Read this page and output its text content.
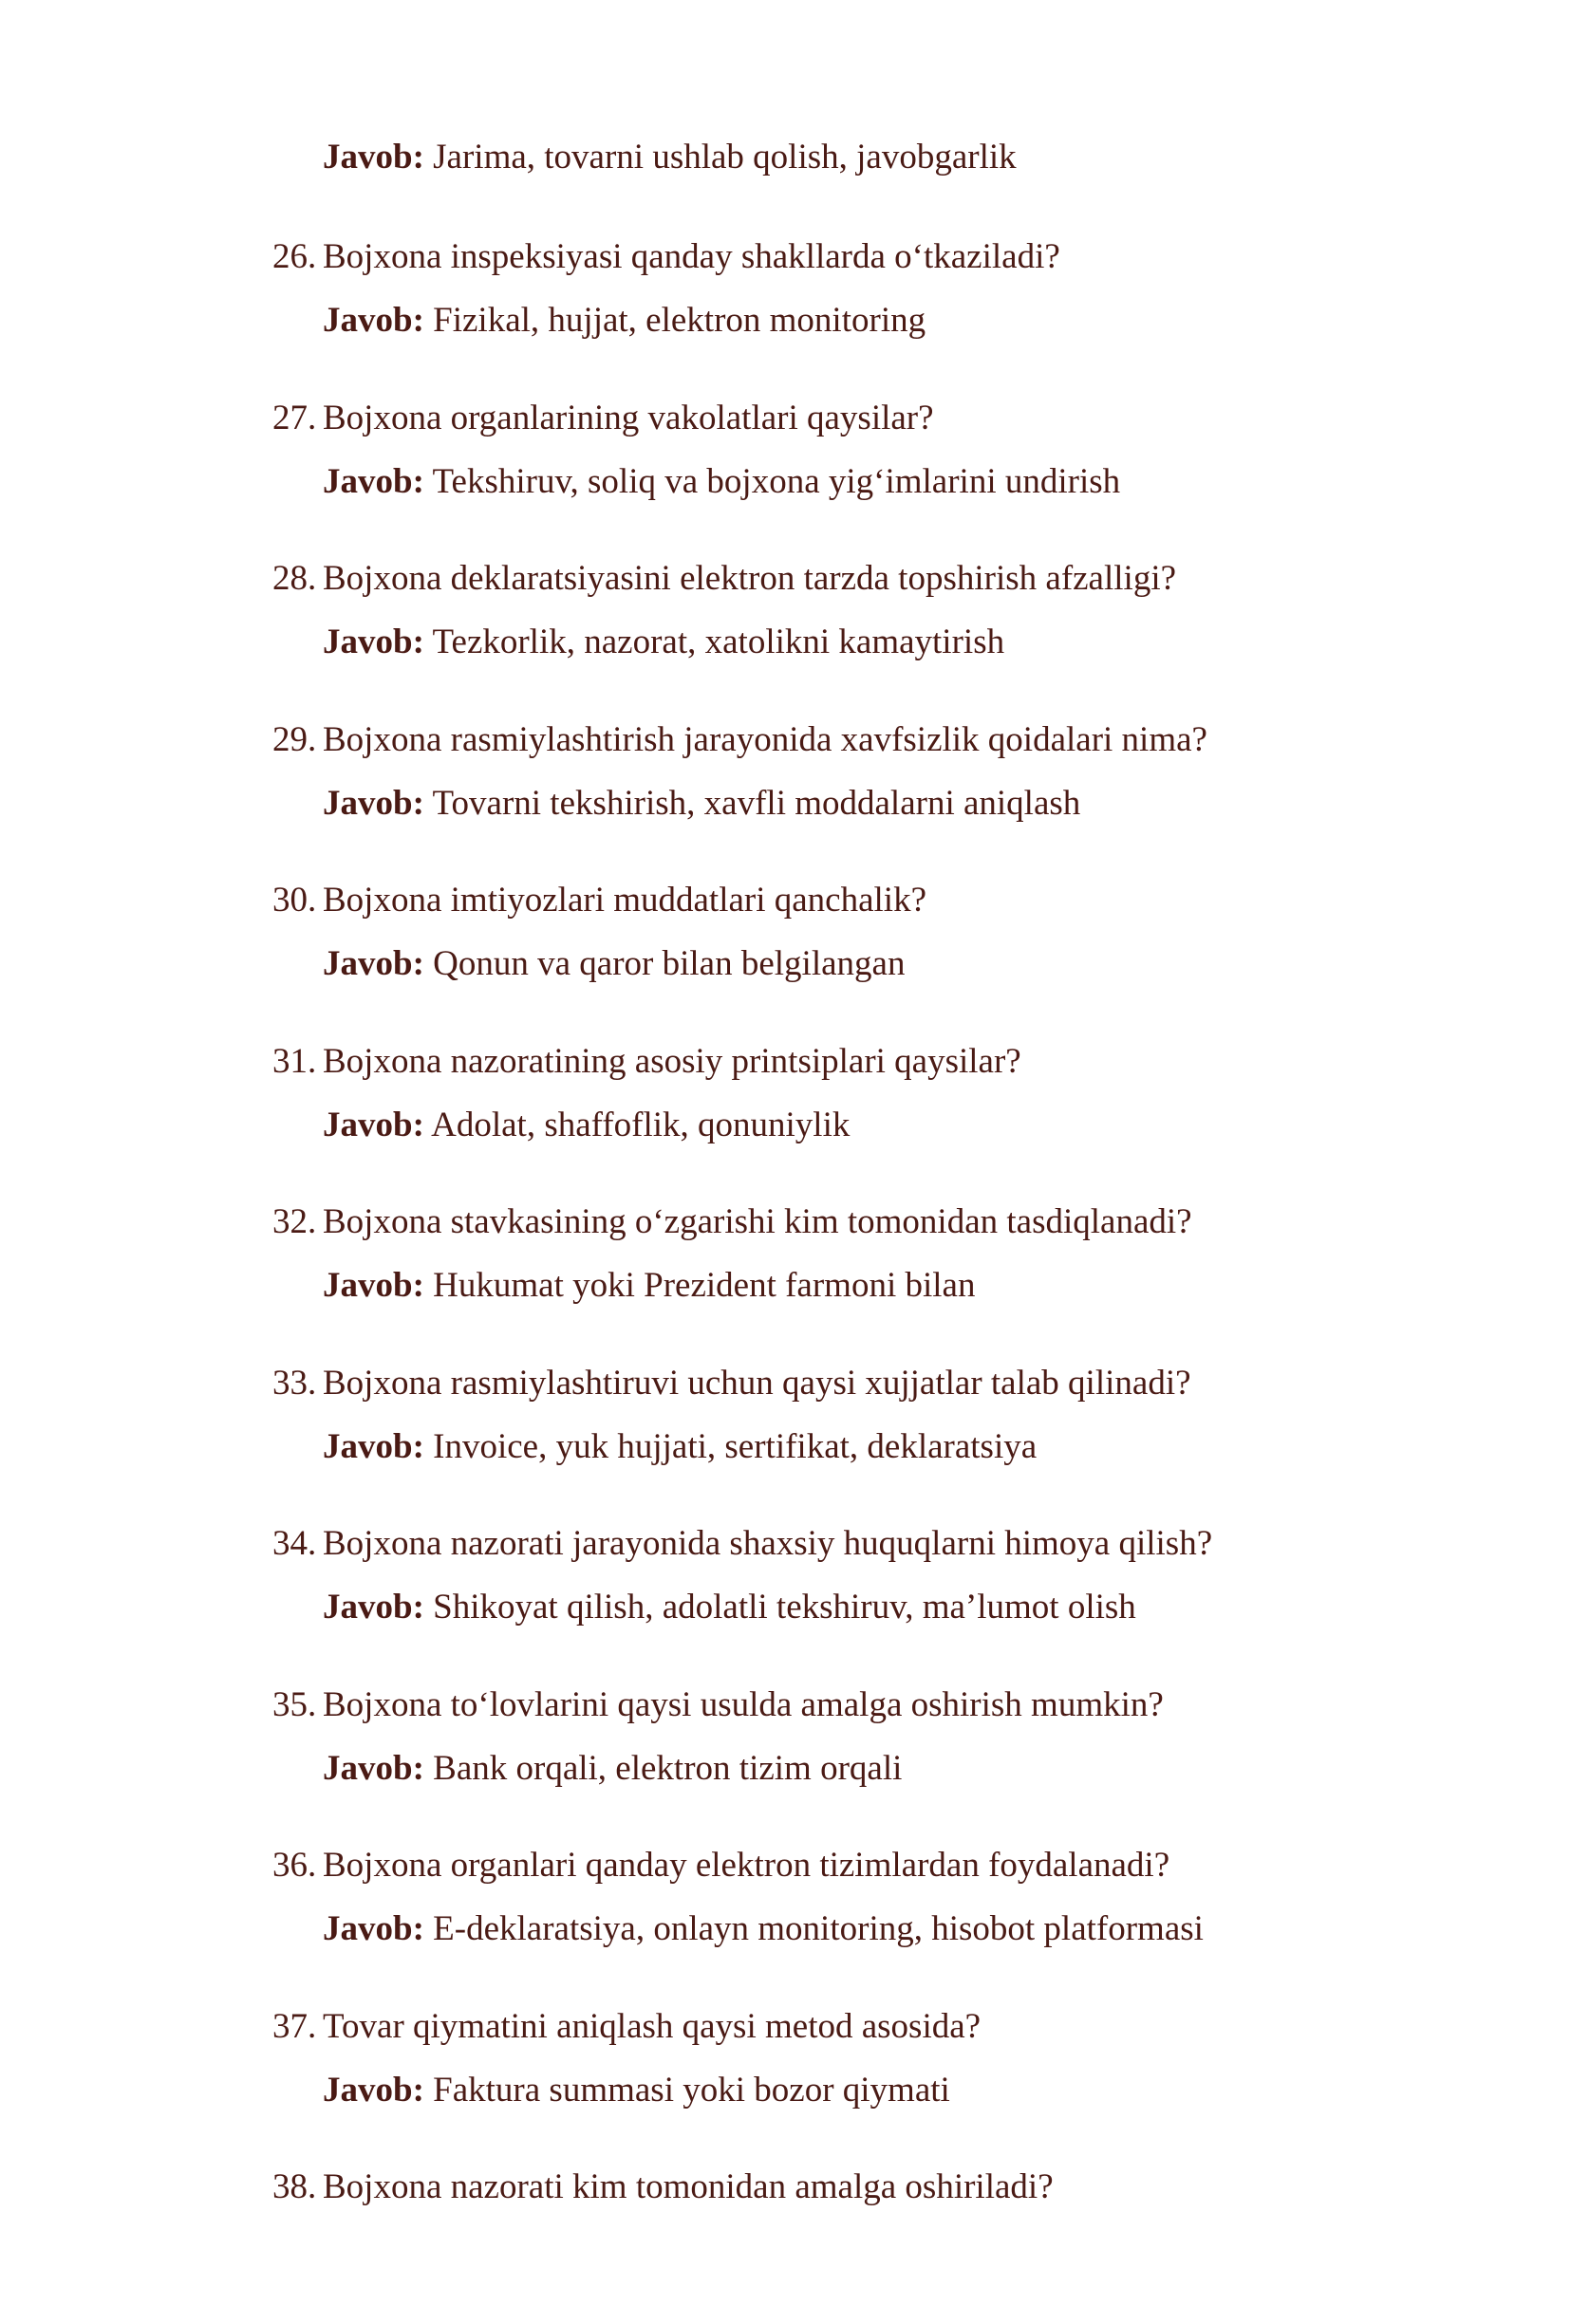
Javob: Jarima, tovarni ushlab qolish, javobgarlik
26. Bojxona inspeksiyasi qanday shakllarda o‘tkaziladi?
Javob: Fizikal, hujjat, elektron monitoring
27. Bojxona organlarining vakolatlari qaysilar?
Javob: Tekshiruv, soliq va bojxona yig‘imlarini undirish
28. Bojxona deklaratsiyasini elektron tarzda topshirish afzalligi?
Javob: Tezkorlik, nazorat, xatolikni kamaytirish
29. Bojxona rasmiylashtirish jarayonida xavfsizlik qoidalari nima?
Javob: Tovarni tekshirish, xavfli moddalarni aniqlash
30. Bojxona imtiyozlari muddatlari qanchalik?
Javob: Qonun va qaror bilan belgilangan
31. Bojxona nazoratining asosiy printsiplari qaysilar?
Javob: Adolat, shaffoflik, qonuniylik
32. Bojxona stavkasining o‘zgarishi kim tomonidan tasdiqlanadi?
Javob: Hukumat yoki Prezident farmoni bilan
33. Bojxona rasmiylashtiruvi uchun qaysi xujjatlar talab qilinadi?
Javob: Invoice, yuk hujjati, sertifikat, deklaratsiya
34. Bojxona nazorati jarayonida shaxsiy huquqlarni himoya qilish?
Javob: Shikoyat qilish, adolatli tekshiruv, ma’lumot olish
35. Bojxona to‘lovlarini qaysi usulda amalga oshirish mumkin?
Javob: Bank orqali, elektron tizim orqali
36. Bojxona organlari qanday elektron tizimlardan foydalanadi?
Javob: E-deklaratsiya, onlayn monitoring, hisobot platformasi
37. Tovar qiymatini aniqlash qaysi metod asosida?
Javob: Faktura summasi yoki bozor qiymati
38. Bojxona nazorati kim tomonidan amalga oshiriladi?
